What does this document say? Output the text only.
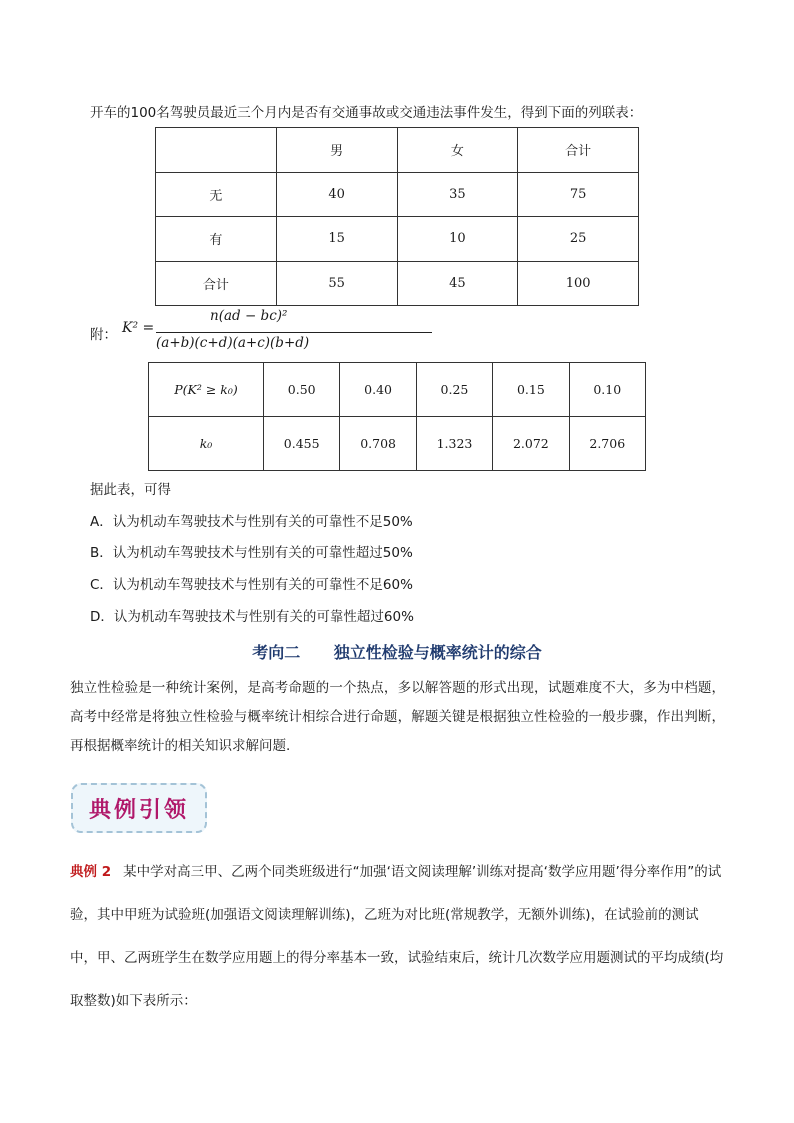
开车的100名驾驶员最近三个月内是否有交通事故或交通违法事件发生，得到下面的列联表：
	男	女	合计
无	40	35	75
有	15	10	25
合计	55	45	100
附： K² =
n(ad − bc)²
(a+b)(c+d)(a+c)(b+d)
P(K² ≥ k₀)	0.50	0.40	0.25	0.15	0.10
k₀	0.455	0.708	1.323	2.072	2.706
据此表，可得
A．认为机动车驾驶技术与性别有关的可靠性不足50%
B．认为机动车驾驶技术与性别有关的可靠性超过50%
C．认为机动车驾驶技术与性别有关的可靠性不足60%
D．认为机动车驾驶技术与性别有关的可靠性超过60%
考向二 独立性检验与概率统计的综合
独立性检验是一种统计案例，是高考命题的一个热点，多以解答题的形式出现，试题难度不大，多为中档题，高考中经常是将独立性检验与概率统计相综合进行命题，解题关键是根据独立性检验的一般步骤，作出判断，再根据概率统计的相关知识求解问题.
典例引领
典例 2 某中学对高三甲、乙两个同类班级进行“加强‘语文阅读理解’训练对提高‘数学应用题’得分率作用”的试验，其中甲班为试验班(加强语文阅读理解训练)，乙班为对比班(常规教学，无额外训练)，在试验前的测试中，甲、乙两班学生在数学应用题上的得分率基本一致，试验结束后，统计几次数学应用题测试的平均成绩(均取整数)如下表所示：
